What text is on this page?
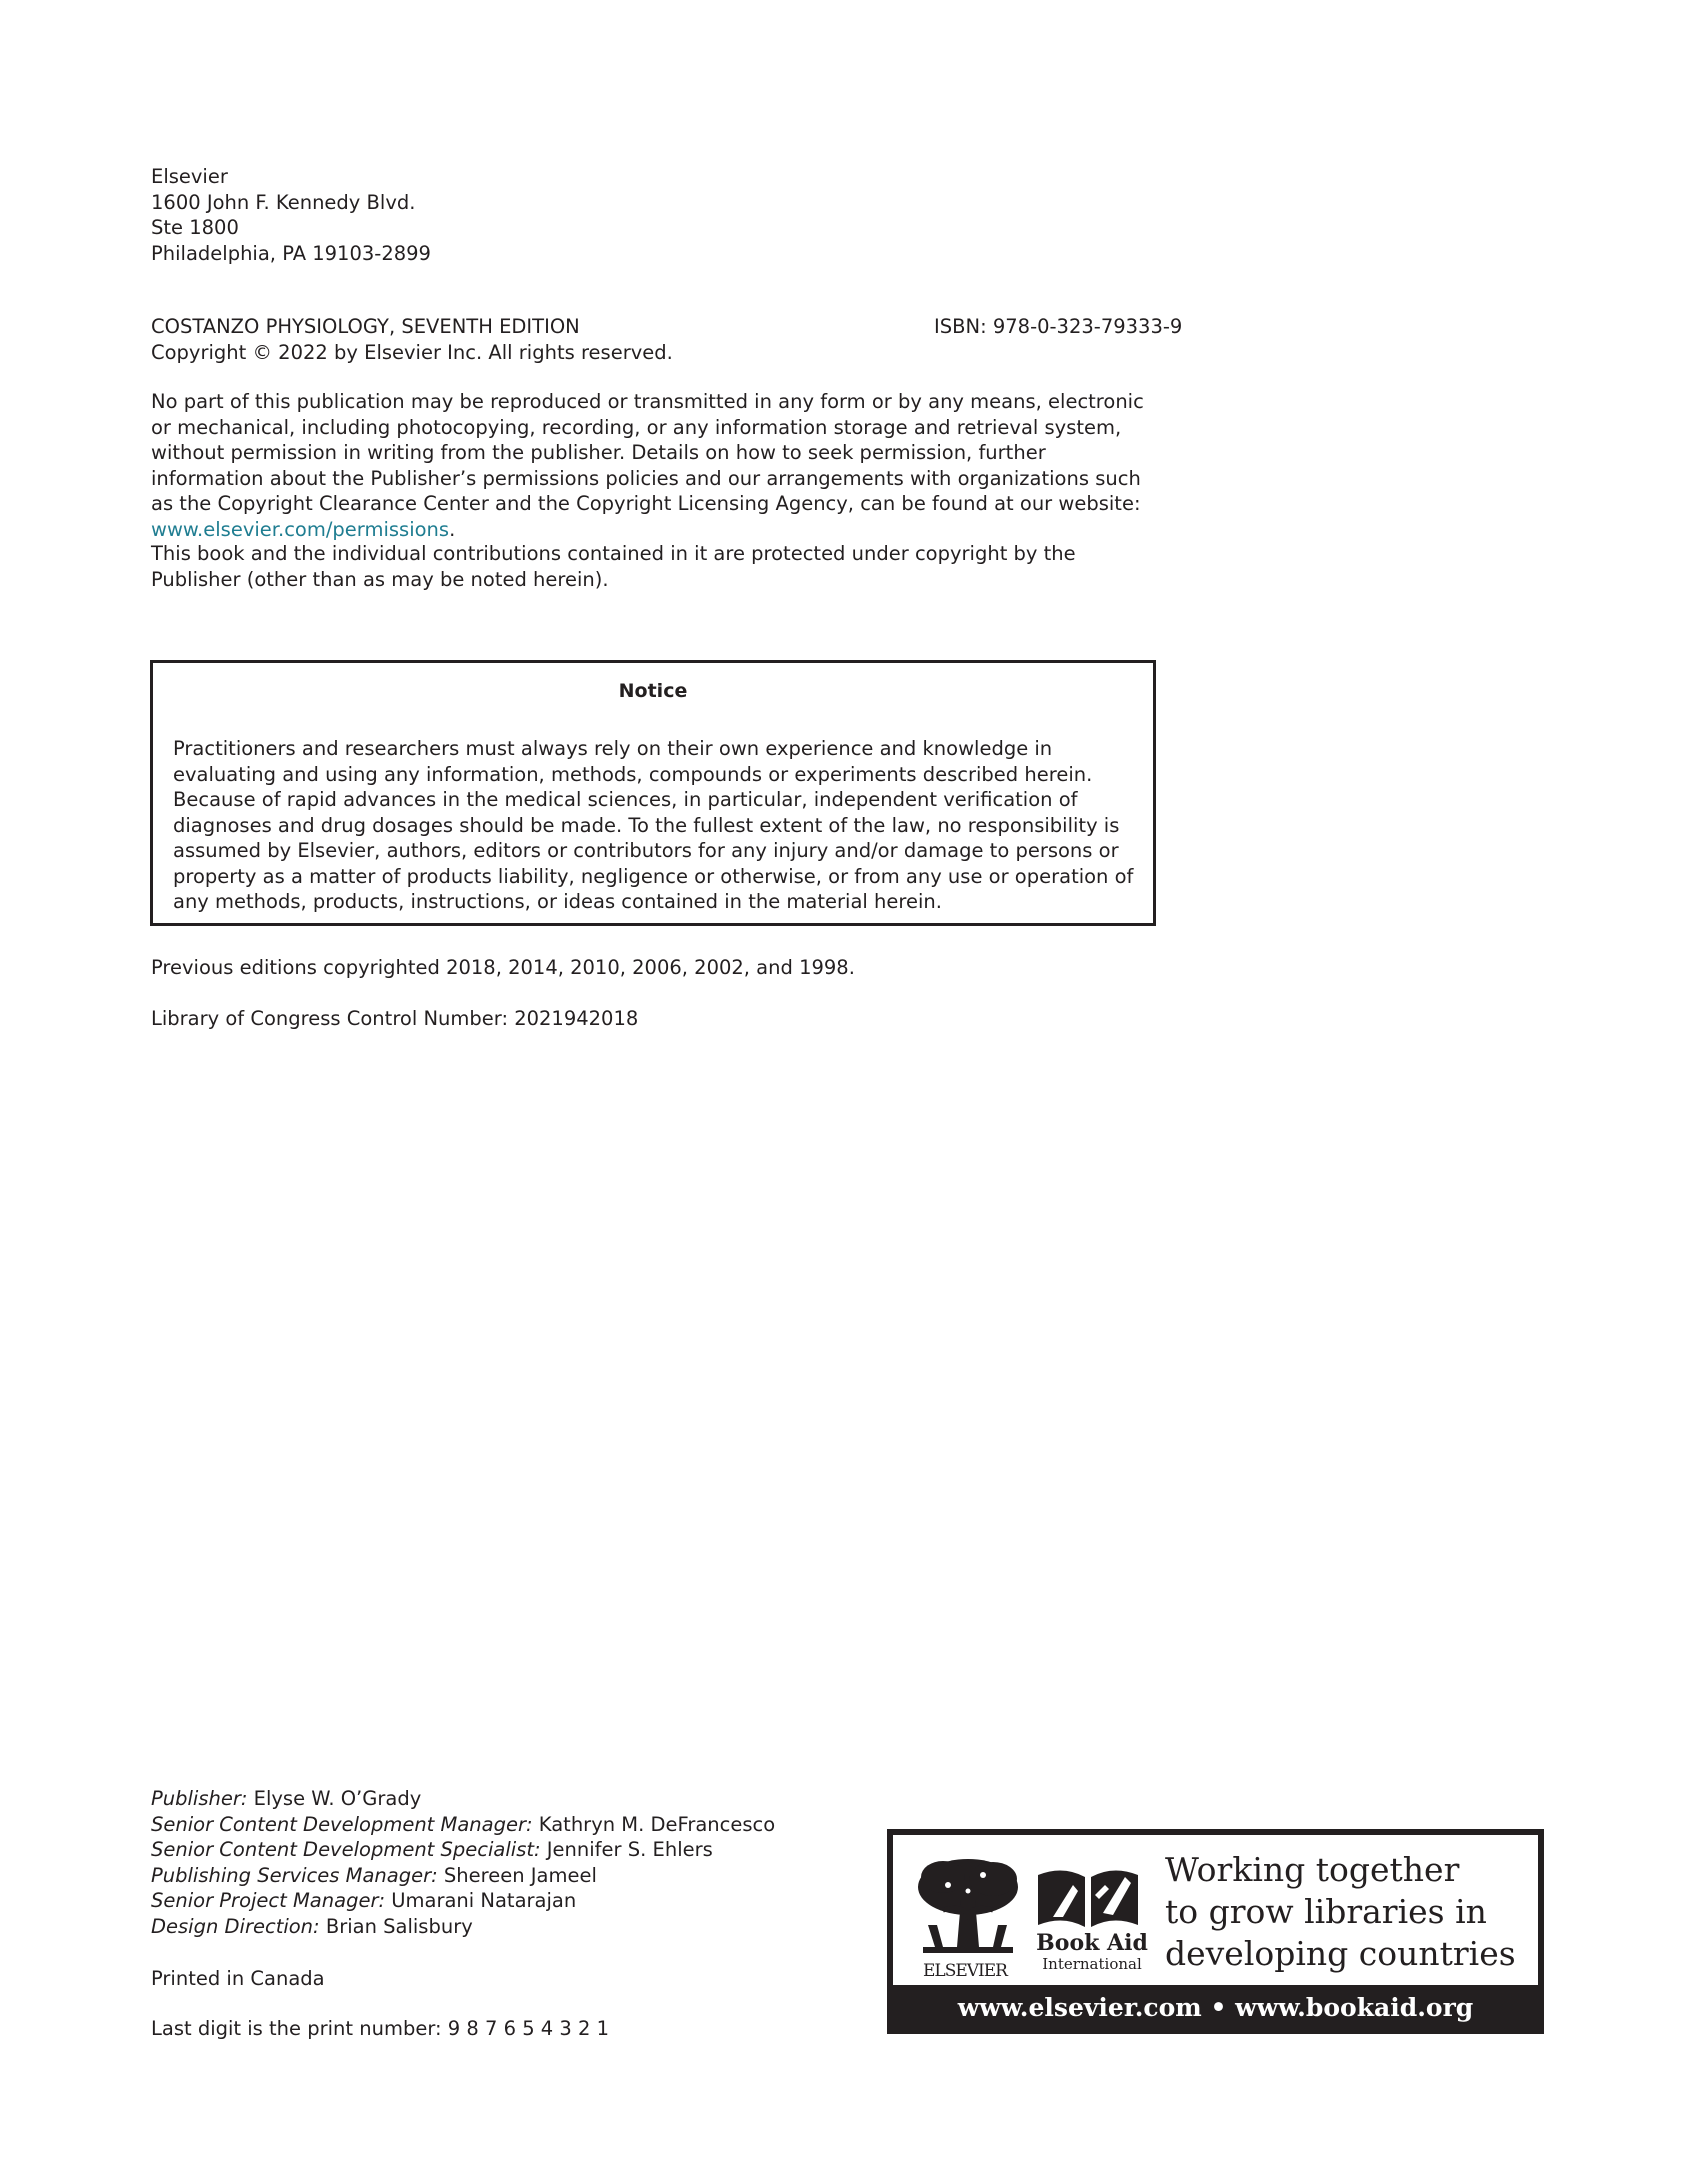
Elsevier
1600 John F. Kennedy Blvd.
Ste 1800
Philadelphia, PA 19103-2899
COSTANZO PHYSIOLOGY, SEVENTH EDITION
Copyright © 2022 by Elsevier Inc. All rights reserved.
ISBN: 978-0-323-79333-9

No part of this publication may be reproduced or transmitted in any form or by any means, electronic or mechanical, including photocopying, recording, or any information storage and retrieval system, without permission in writing from the publisher. Details on how to seek permission, further information about the Publisher’s permissions policies and our arrangements with organizations such as the Copyright Clearance Center and the Copyright Licensing Agency, can be found at our website: www.elsevier.com/permissions.

This book and the individual contributions contained in it are protected under copyright by the Publisher (other than as may be noted herein).

Notice

Practitioners and researchers must always rely on their own experience and knowledge in evaluating and using any information, methods, compounds or experiments described herein. Because of rapid advances in the medical sciences, in particular, independent verification of diagnoses and drug dosages should be made. To the fullest extent of the law, no responsibility is assumed by Elsevier, authors, editors or contributors for any injury and/or damage to persons or property as a matter of products liability, negligence or otherwise, or from any use or operation of any methods, products, instructions, or ideas contained in the material herein.

Previous editions copyrighted 2018, 2014, 2010, 2006, 2002, and 1998.

Library of Congress Control Number: 2021942018

Publisher: Elyse W. O’Grady
Senior Content Development Manager: Kathryn M. DeFrancesco
Senior Content Development Specialist: Jennifer S. Ehlers
Publishing Services Manager: Shereen Jameel
Senior Project Manager: Umarani Natarajan
Design Direction: Brian Salisbury

Printed in Canada

Last digit is the print number: 9 8 7 6 5 4 3 2 1

ELSEVIER
Book Aid
International
Working together
to grow libraries in
developing countries
www.elsevier.com • www.bookaid.org
